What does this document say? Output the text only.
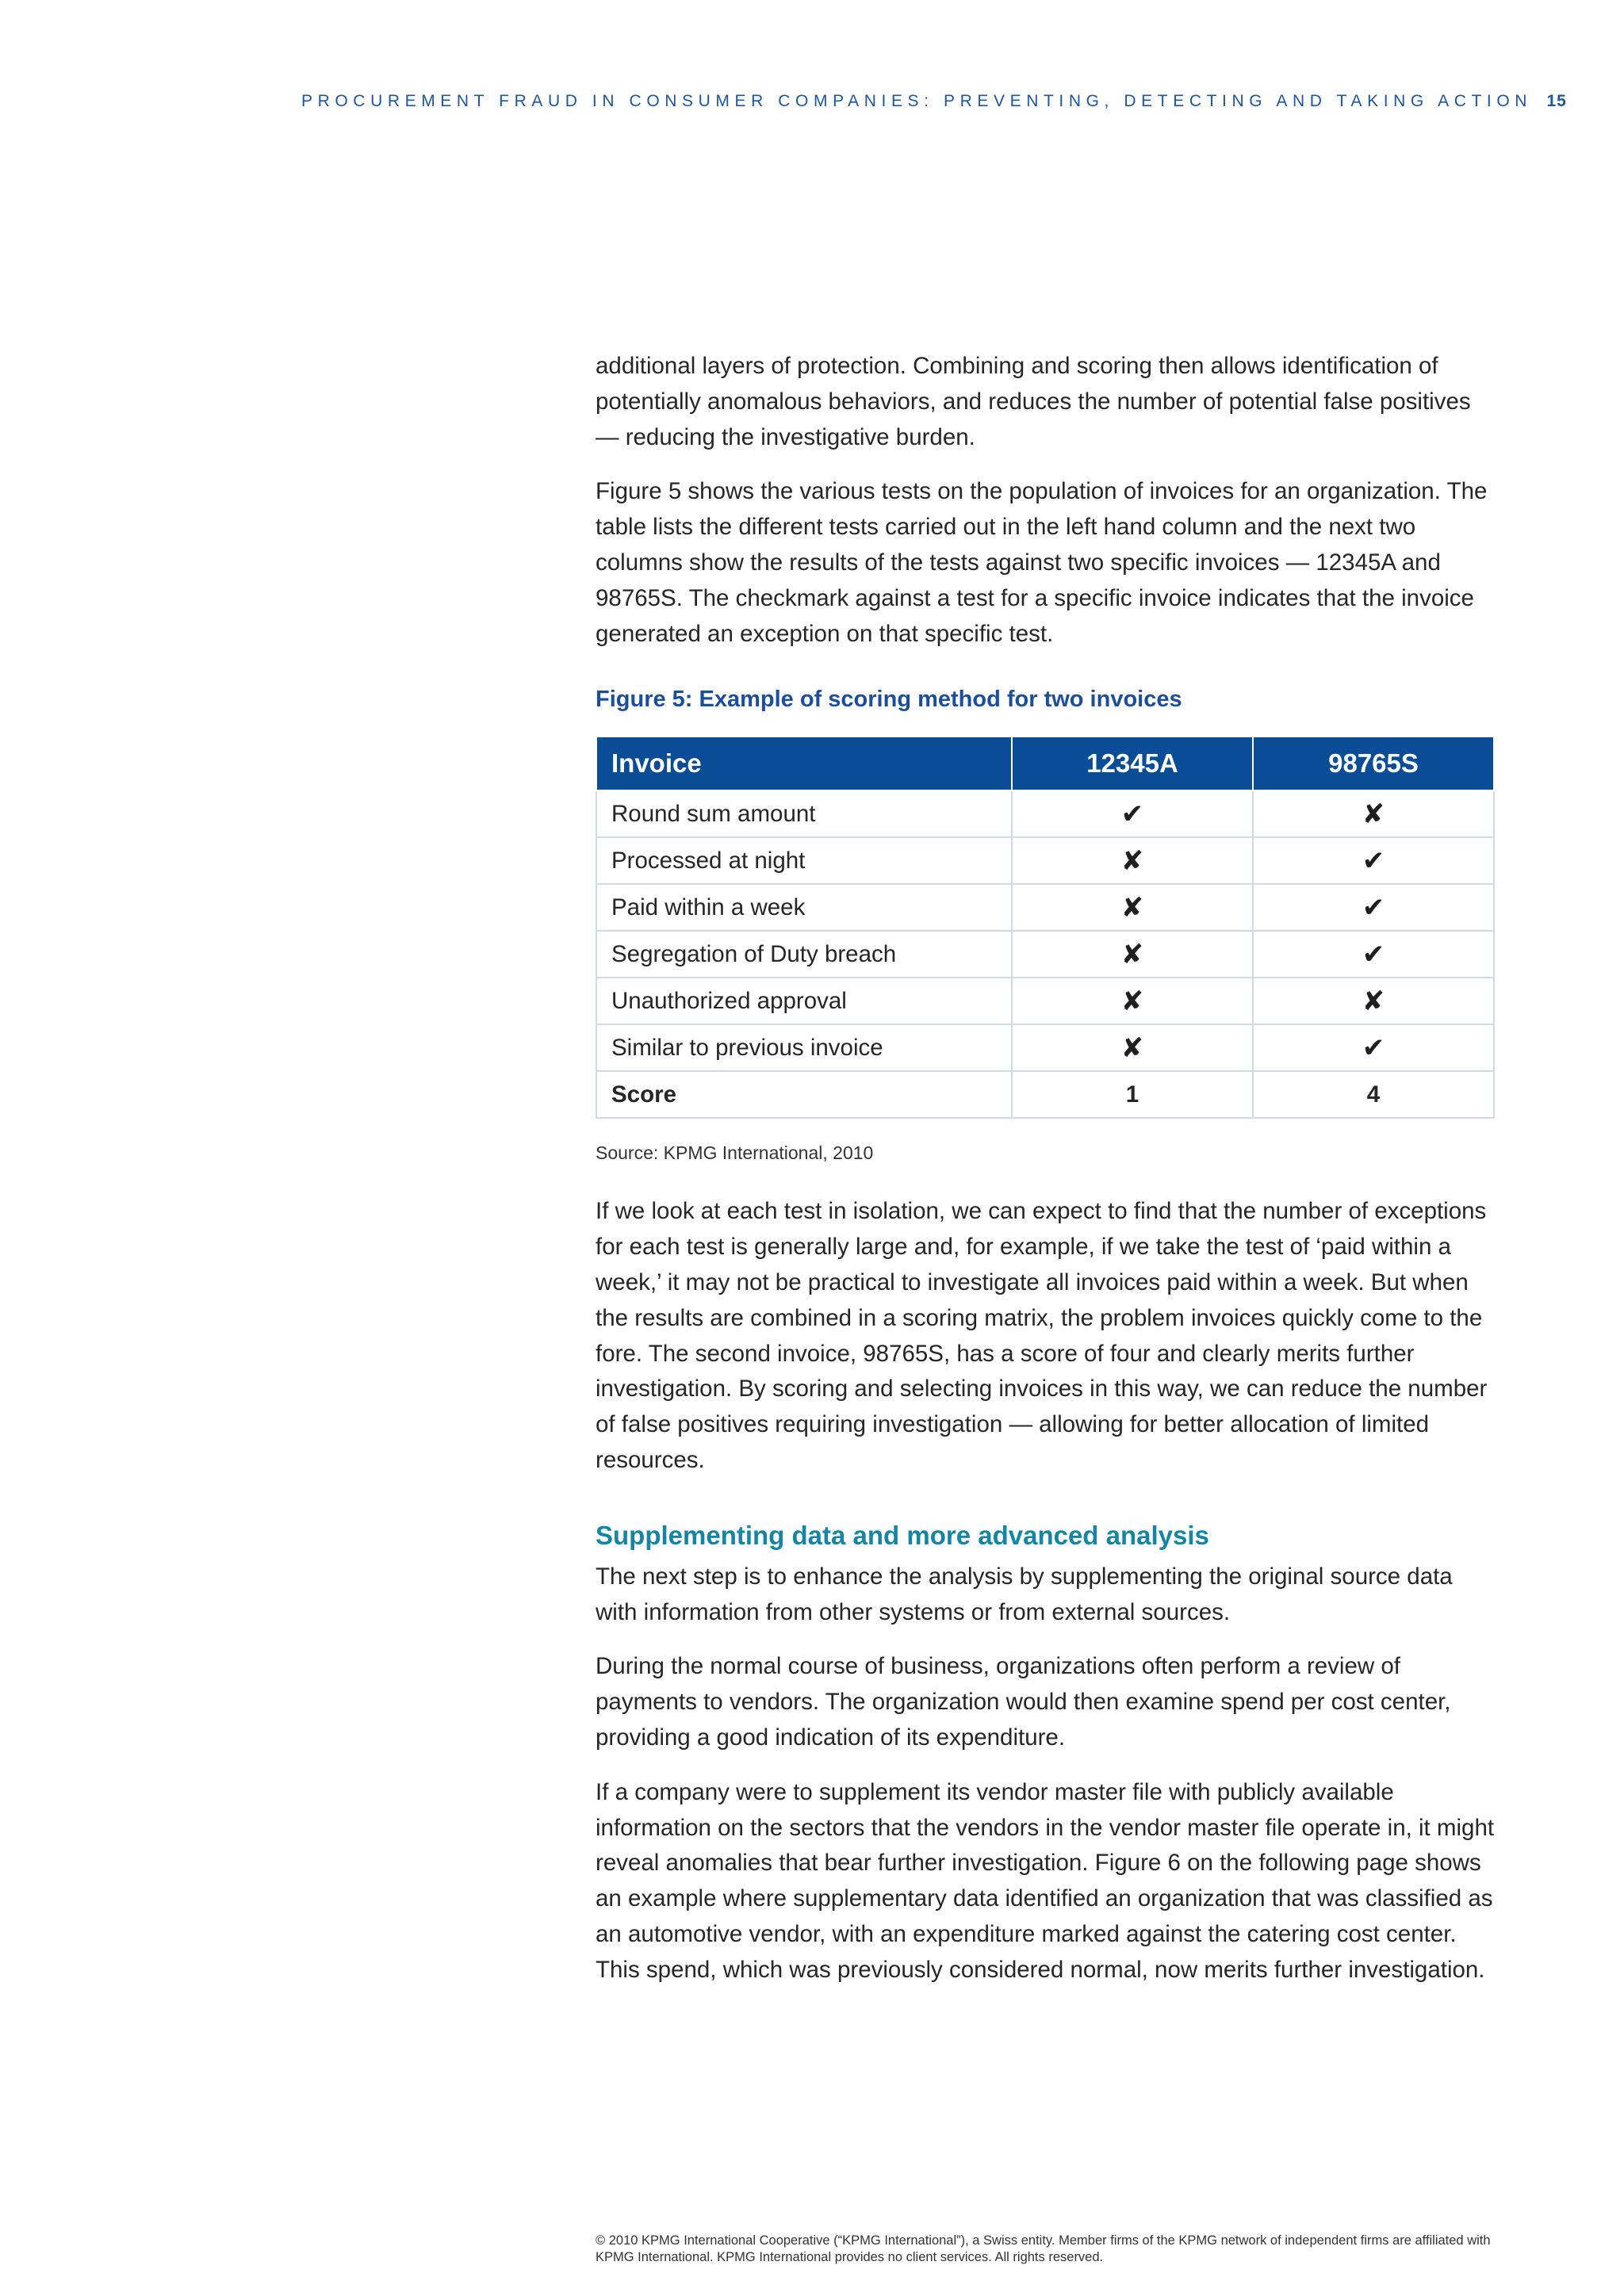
PROCUREMENT FRAUD IN CONSUMER COMPANIES: PREVENTING, DETECTING AND TAKING ACTION 15

additional layers of protection. Combining and scoring then allows identification of potentially anomalous behaviors, and reduces the number of potential false positives — reducing the investigative burden.

Figure 5 shows the various tests on the population of invoices for an organization. The table lists the different tests carried out in the left hand column and the next two columns show the results of the tests against two specific invoices — 12345A and 98765S. The checkmark against a test for a specific invoice indicates that the invoice generated an exception on that specific test.

Figure 5: Example of scoring method for two invoices
Invoice	12345A	98765S
Round sum amount	✔	✘
Processed at night	✘	✔
Paid within a week	✘	✔
Segregation of Duty breach	✘	✔
Unauthorized approval	✘	✘
Similar to previous invoice	✘	✔
Score	1	4
Source: KPMG International, 2010

If we look at each test in isolation, we can expect to find that the number of exceptions for each test is generally large and, for example, if we take the test of ‘paid within a week,’ it may not be practical to investigate all invoices paid within a week. But when the results are combined in a scoring matrix, the problem invoices quickly come to the fore. The second invoice, 98765S, has a score of four and clearly merits further investigation. By scoring and selecting invoices in this way, we can reduce the number of false positives requiring investigation — allowing for better allocation of limited resources.

Supplementing data and more advanced analysis

The next step is to enhance the analysis by supplementing the original source data with information from other systems or from external sources.

During the normal course of business, organizations often perform a review of payments to vendors. The organization would then examine spend per cost center, providing a good indication of its expenditure.

If a company were to supplement its vendor master file with publicly available information on the sectors that the vendors in the vendor master file operate in, it might reveal anomalies that bear further investigation. Figure 6 on the following page shows an example where supplementary data identified an organization that was classified as an automotive vendor, with an expenditure marked against the catering cost center. This spend, which was previously considered normal, now merits further investigation.

© 2010 KPMG International Cooperative (“KPMG International”), a Swiss entity. Member firms of the KPMG network of independent firms are affiliated with KPMG International. KPMG International provides no client services. All rights reserved.
